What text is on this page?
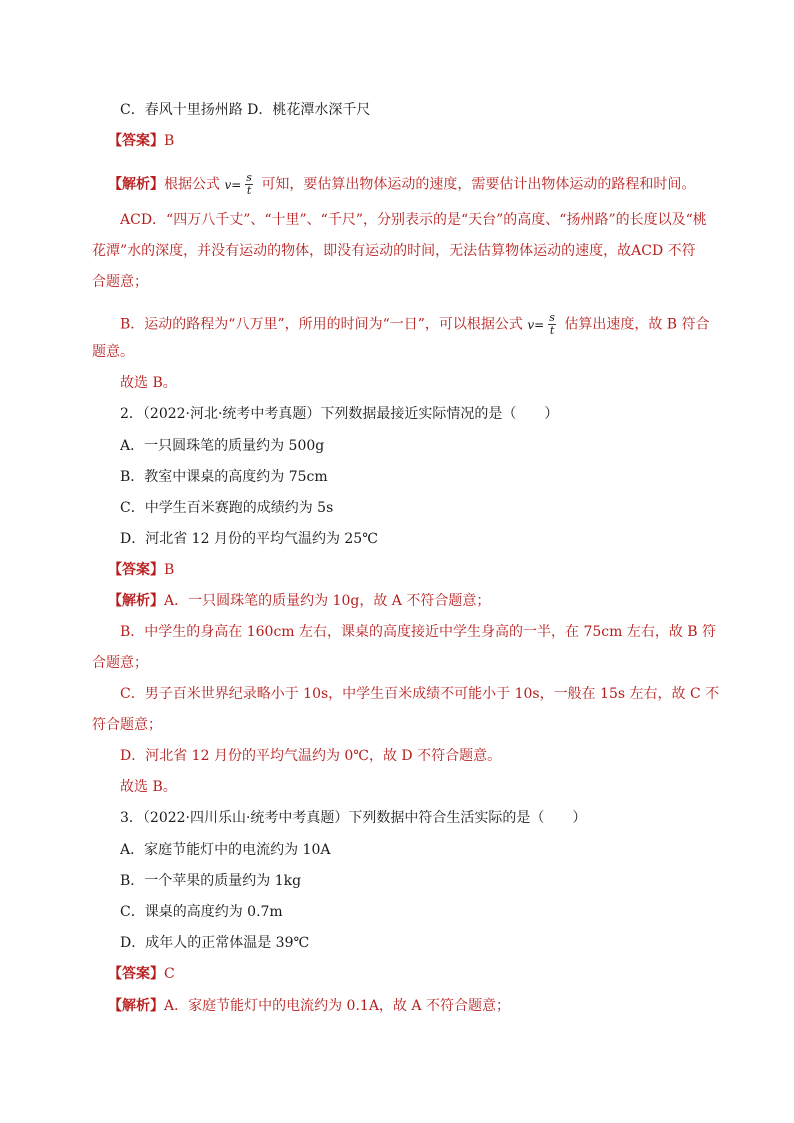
C．春风十里扬州路 D．桃花潭水深千尺
【答案】B
【解析】根据公式 $v= \frac{s}{t}$ 可知，要估算出物体运动的速度，需要估计出物体运动的路程和时间。
ACD．“四万八千丈”、“十里”、“千尺”，分别表示的是“天台”的高度、“扬州路”的长度以及“桃
花潭”水的深度，并没有运动的物体，即没有运动的时间，无法估算物体运动的速度，故ACD 不符
合题意；
B．运动的路程为“八万里”，所用的时间为“一日”，可以根据公式 $v= \frac{s}{t}$ 估算出速度，故 B 符合
题意。
故选 B。
2．（2022·河北·统考中考真题）下列数据最接近实际情况的是（　　）
A．一只圆珠笔的质量约为 500g
B．教室中课桌的高度约为 75cm
C．中学生百米赛跑的成绩约为 5s
D．河北省 12 月份的平均气温约为 25℃
【答案】B
【解析】A．一只圆珠笔的质量约为 10g，故 A 不符合题意；
B．中学生的身高在 160cm 左右，课桌的高度接近中学生身高的一半，在 75cm 左右，故 B 符
合题意；
C．男子百米世界纪录略小于 10s，中学生百米成绩不可能小于 10s，一般在 15s 左右，故 C 不
符合题意；
D．河北省 12 月份的平均气温约为 0℃，故 D 不符合题意。
故选 B。
3．（2022·四川乐山·统考中考真题）下列数据中符合生活实际的是（　　）
A．家庭节能灯中的电流约为 10A
B．一个苹果的质量约为 1kg
C．课桌的高度约为 0.7m
D．成年人的正常体温是 39℃
【答案】C
【解析】A．家庭节能灯中的电流约为 0.1A，故 A 不符合题意；
